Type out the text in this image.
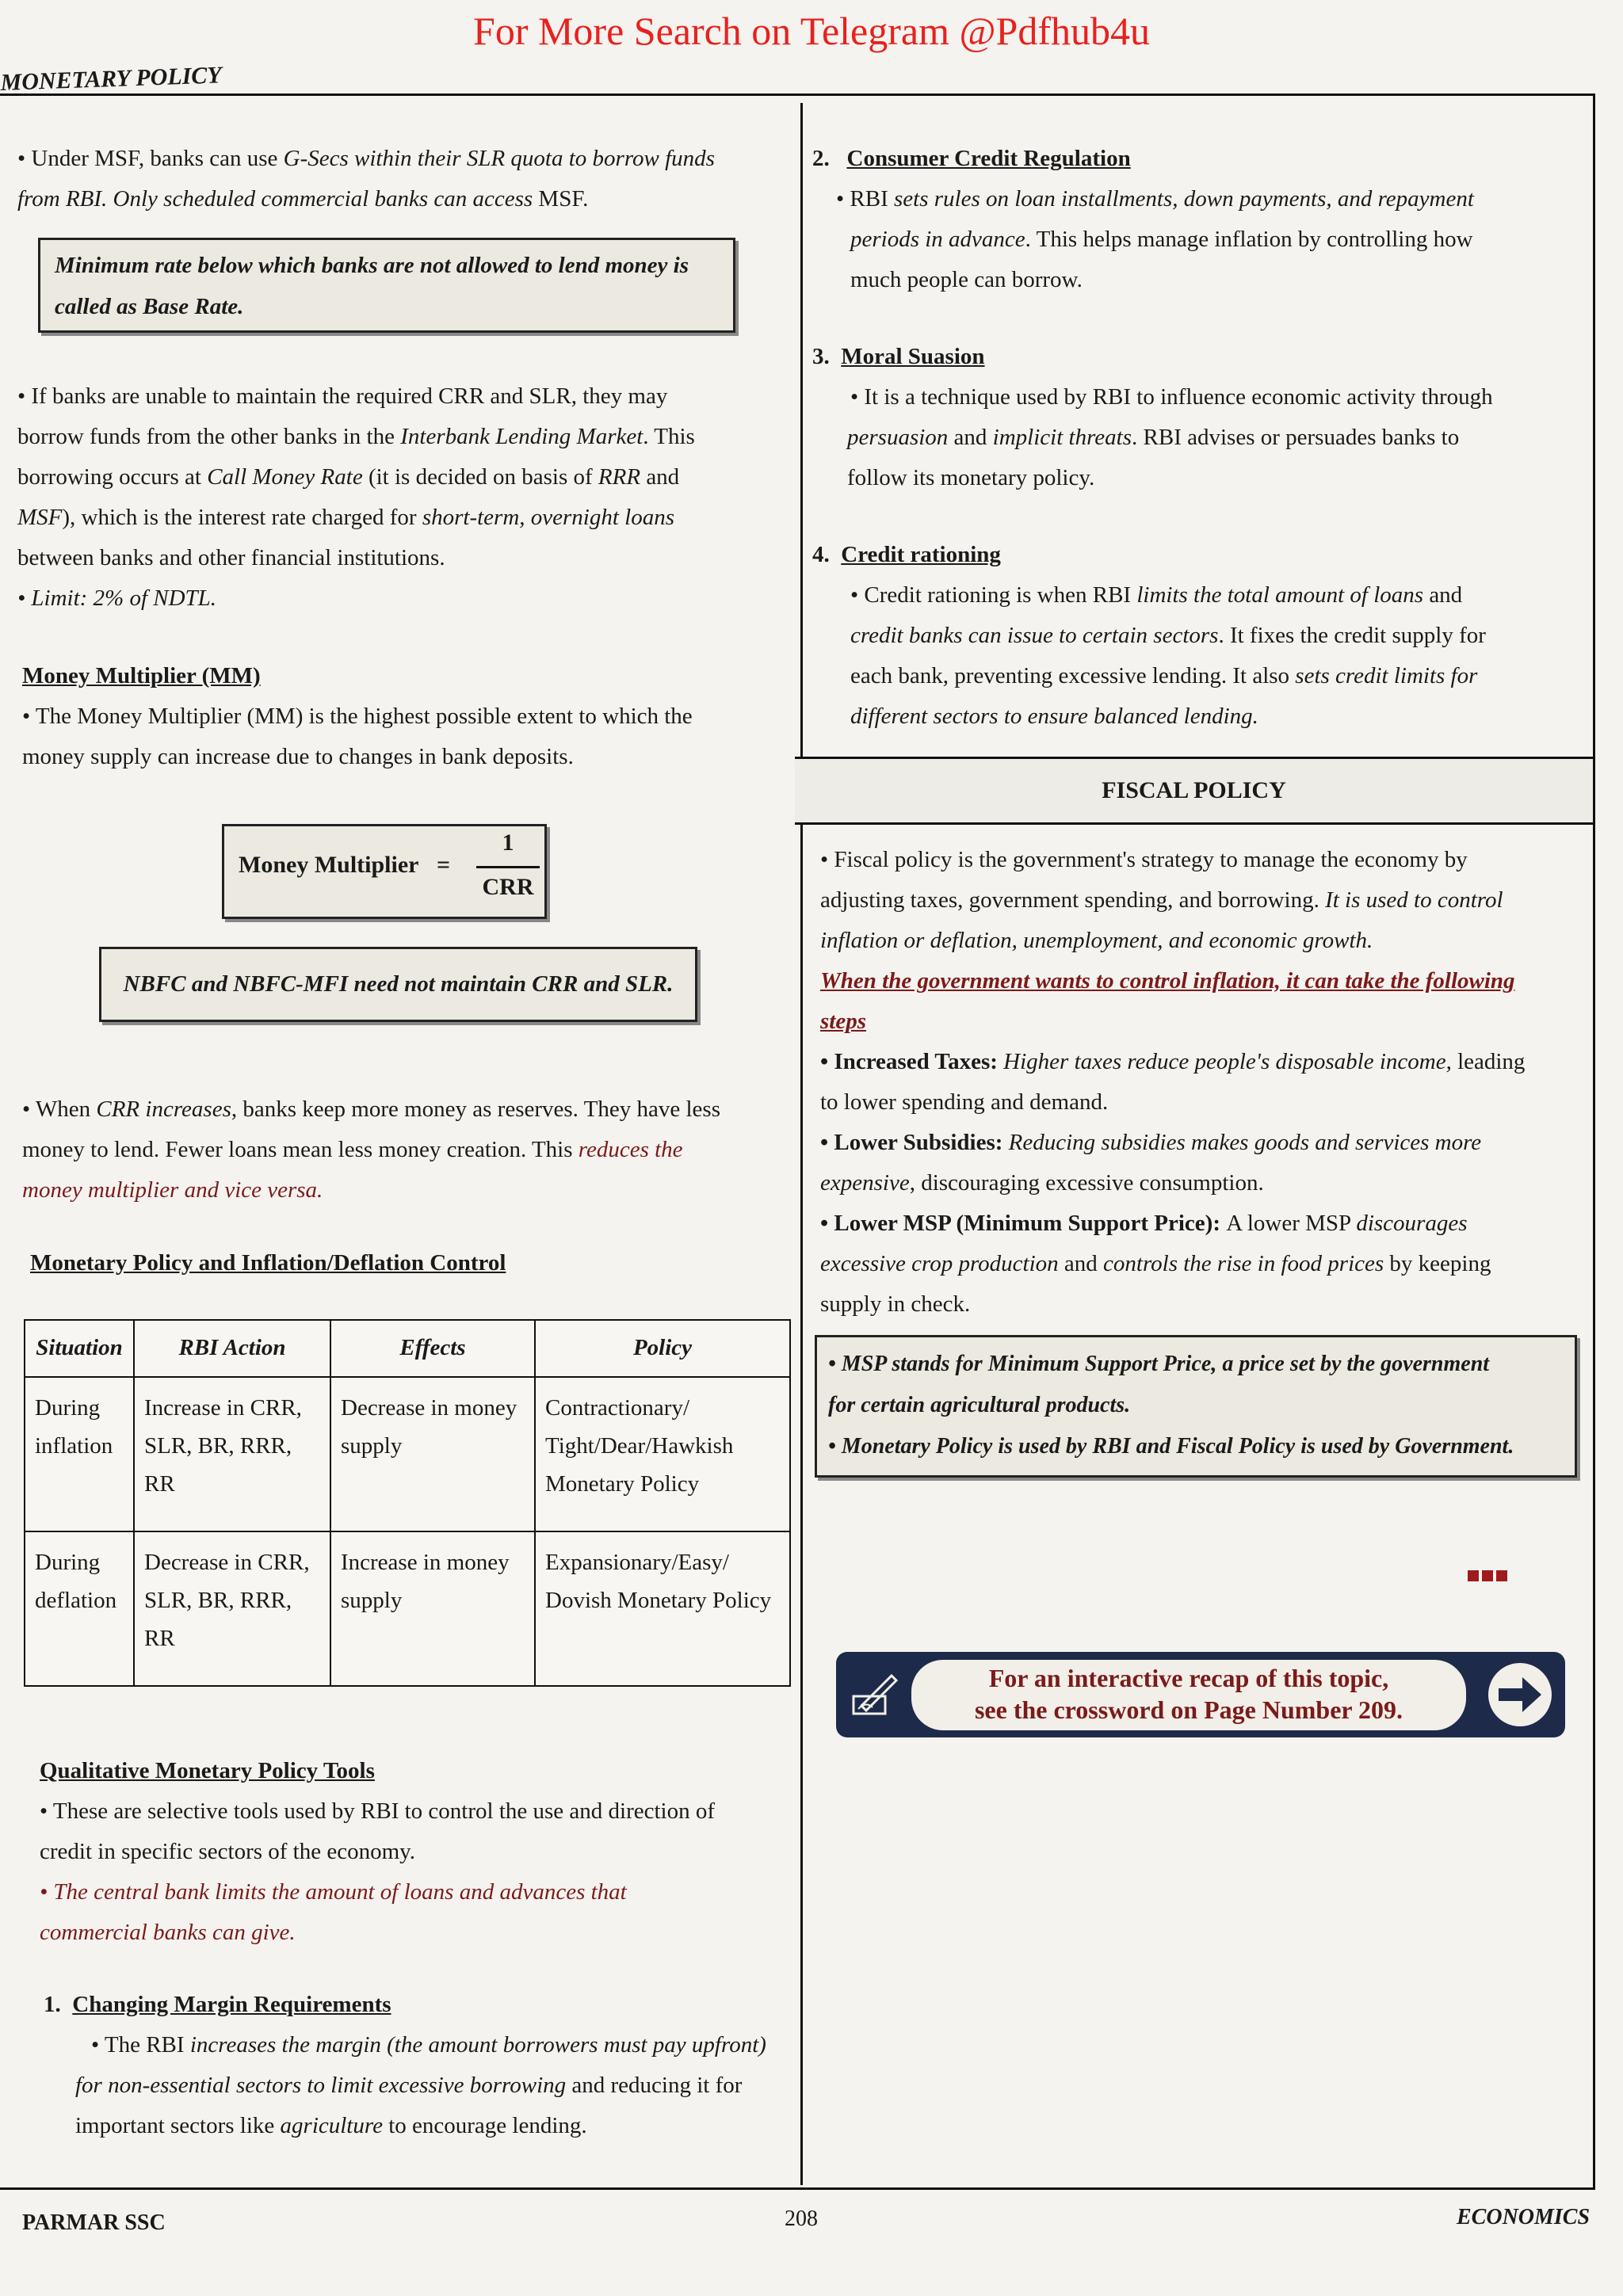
For More Search on Telegram @Pdfhub4u
MONETARY POLICY

• Under MSF, banks can use G-Secs within their SLR quota to borrow funds
from RBI. Only scheduled commercial banks can access MSF.

Minimum rate below which banks are not allowed to lend money is
called as Base Rate.

• If banks are unable to maintain the required CRR and SLR, they may
borrow funds from the other banks in the Interbank Lending Market. This
borrowing occurs at Call Money Rate (it is decided on basis of RRR and
MSF), which is the interest rate charged for short-term, overnight loans
between banks and other financial institutions.
• Limit: 2% of NDTL.

Money Multiplier (MM)
• The Money Multiplier (MM) is the highest possible extent to which the
money supply can increase due to changes in bank deposits.

Money Multiplier =
1
CRR
NBFC and NBFC-MFI need not maintain CRR and SLR.

• When CRR increases, banks keep more money as reserves. They have less
money to lend. Fewer loans mean less money creation. This reduces the
money multiplier and vice versa.

Monetary Policy and Inflation/Deflation Control
Situation	RBI Action	Effects	Policy
During inflation	Increase in CRR, SLR, BR, RRR, RR	Decrease in money supply	Contractionary/ Tight/Dear/Hawkish Monetary Policy
During deflation	Decrease in CRR, SLR, BR, RRR, RR	Increase in money supply	Expansionary/Easy/ Dovish Monetary Policy

Qualitative Monetary Policy Tools
• These are selective tools used by RBI to control the use and direction of
credit in specific sectors of the economy.
• The central bank limits the amount of loans and advances that
commercial banks can give.

1. Changing Margin Requirements
• The RBI increases the margin (the amount borrowers must pay upfront)
for non-essential sectors to limit excessive borrowing and reducing it for
important sectors like agriculture to encourage lending.

2. Consumer Credit Regulation
• RBI sets rules on loan installments, down payments, and repayment
periods in advance. This helps manage inflation by controlling how
much people can borrow.

3. Moral Suasion
• It is a technique used by RBI to influence economic activity through
persuasion and implicit threats. RBI advises or persuades banks to
follow its monetary policy.

4. Credit rationing
• Credit rationing is when RBI limits the total amount of loans and
credit banks can issue to certain sectors. It fixes the credit supply for
each bank, preventing excessive lending. It also sets credit limits for
different sectors to ensure balanced lending.

FISCAL POLICY

• Fiscal policy is the government's strategy to manage the economy by
adjusting taxes, government spending, and borrowing. It is used to control
inflation or deflation, unemployment, and economic growth.
When the government wants to control inflation, it can take the following
steps
• Increased Taxes: Higher taxes reduce people's disposable income, leading
to lower spending and demand.
• Lower Subsidies: Reducing subsidies makes goods and services more
expensive, discouraging excessive consumption.
• Lower MSP (Minimum Support Price): A lower MSP discourages
excessive crop production and controls the rise in food prices by keeping
supply in check.

• MSP stands for Minimum Support Price, a price set by the government
for certain agricultural products.
• Monetary Policy is used by RBI and Fiscal Policy is used by Government.
For an interactive recap of this topic,
see the crossword on Page Number 209.
PARMAR SSC	208	ECONOMICS
